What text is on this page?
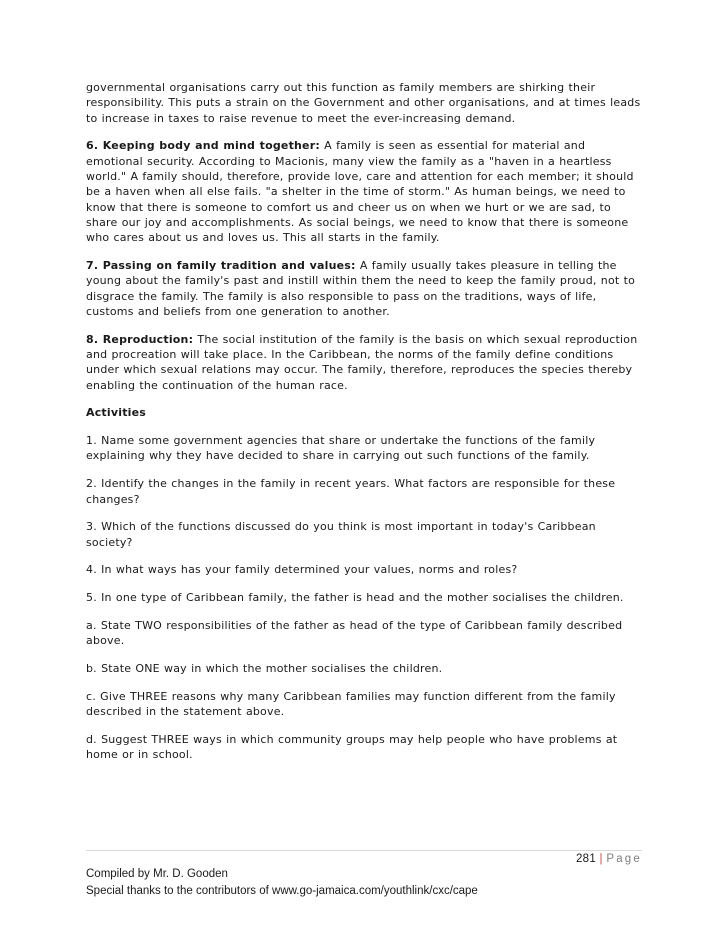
governmental organisations carry out this function as family members are shirking their responsibility. This puts a strain on the Government and other organisations, and at times leads to increase in taxes to raise revenue to meet the ever-increasing demand.

6. Keeping body and mind together: A family is seen as essential for material and emotional security. According to Macionis, many view the family as a "haven in a heartless world." A family should, therefore, provide love, care and attention for each member; it should be a haven when all else fails. "a shelter in the time of storm." As human beings, we need to know that there is someone to comfort us and cheer us on when we hurt or we are sad, to share our joy and accomplishments. As social beings, we need to know that there is someone who cares about us and loves us. This all starts in the family.

7. Passing on family tradition and values: A family usually takes pleasure in telling the young about the family's past and instill within them the need to keep the family proud, not to disgrace the family. The family is also responsible to pass on the traditions, ways of life, customs and beliefs from one generation to another.

8. Reproduction: The social institution of the family is the basis on which sexual reproduction and procreation will take place. In the Caribbean, the norms of the family define conditions under which sexual relations may occur. The family, therefore, reproduces the species thereby enabling the continuation of the human race.

Activities

1. Name some government agencies that share or undertake the functions of the family explaining why they have decided to share in carrying out such functions of the family.

2. Identify the changes in the family in recent years. What factors are responsible for these changes?

3. Which of the functions discussed do you think is most important in today's Caribbean society?

4. In what ways has your family determined your values, norms and roles?

5. In one type of Caribbean family, the father is head and the mother socialises the children.

a. State TWO responsibilities of the father as head of the type of Caribbean family described above.

b. State ONE way in which the mother socialises the children.

c. Give THREE reasons why many Caribbean families may function different from the family described in the statement above.

d. Suggest THREE ways in which community groups may help people who have problems at home or in school.

281 | Page
Compiled by Mr. D. Gooden
Special thanks to the contributors of www.go-jamaica.com/youthlink/cxc/cape
